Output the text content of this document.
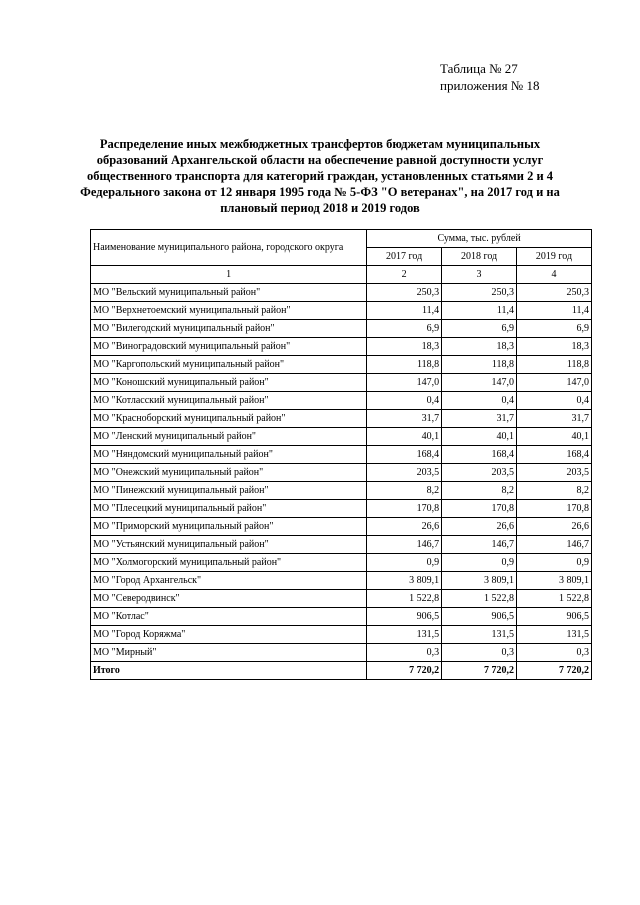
Таблица № 27
приложения № 18
Распределение иных межбюджетных трансфертов бюджетам муниципальных
образований Архангельской области на обеспечение равной доступности услуг
общественного транспорта для категорий граждан, установленных статьями 2 и 4
Федерального закона от 12 января 1995 года № 5-ФЗ "О ветеранах", на 2017 год и на
плановый период 2018 и 2019 годов
Наименование муниципального района, городского округа	Сумма, тыс. рублей		
	2017 год	2018 год	2019 год
1	2	3	4
МО "Вельский муниципальный район"	250,3	250,3	250,3
МО "Верхнетоемский муниципальный район"	11,4	11,4	11,4
МО "Вилегодский муниципальный район"	6,9	6,9	6,9
МО "Виноградовский муниципальный район"	18,3	18,3	18,3
МО "Каргопольский муниципальный район"	118,8	118,8	118,8
МО "Коношский муниципальный район"	147,0	147,0	147,0
МО "Котласский муниципальный район"	0,4	0,4	0,4
МО "Красноборский муниципальный район"	31,7	31,7	31,7
МО "Ленский муниципальный район"	40,1	40,1	40,1
МО "Няндомский муниципальный район"	168,4	168,4	168,4
МО "Онежский муниципальный район"	203,5	203,5	203,5
МО "Пинежский муниципальный район"	8,2	8,2	8,2
МО "Плесецкий муниципальный район"	170,8	170,8	170,8
МО "Приморский муниципальный район"	26,6	26,6	26,6
МО "Устьянский муниципальный район"	146,7	146,7	146,7
МО "Холмогорский муниципальный район"	0,9	0,9	0,9
МО "Город Архангельск"	3 809,1	3 809,1	3 809,1
МО "Северодвинск"	1 522,8	1 522,8	1 522,8
МО "Котлас"	906,5	906,5	906,5
МО "Город Коряжма"	131,5	131,5	131,5
МО "Мирный"	0,3	0,3	0,3
Итого	7 720,2	7 720,2	7 720,2
